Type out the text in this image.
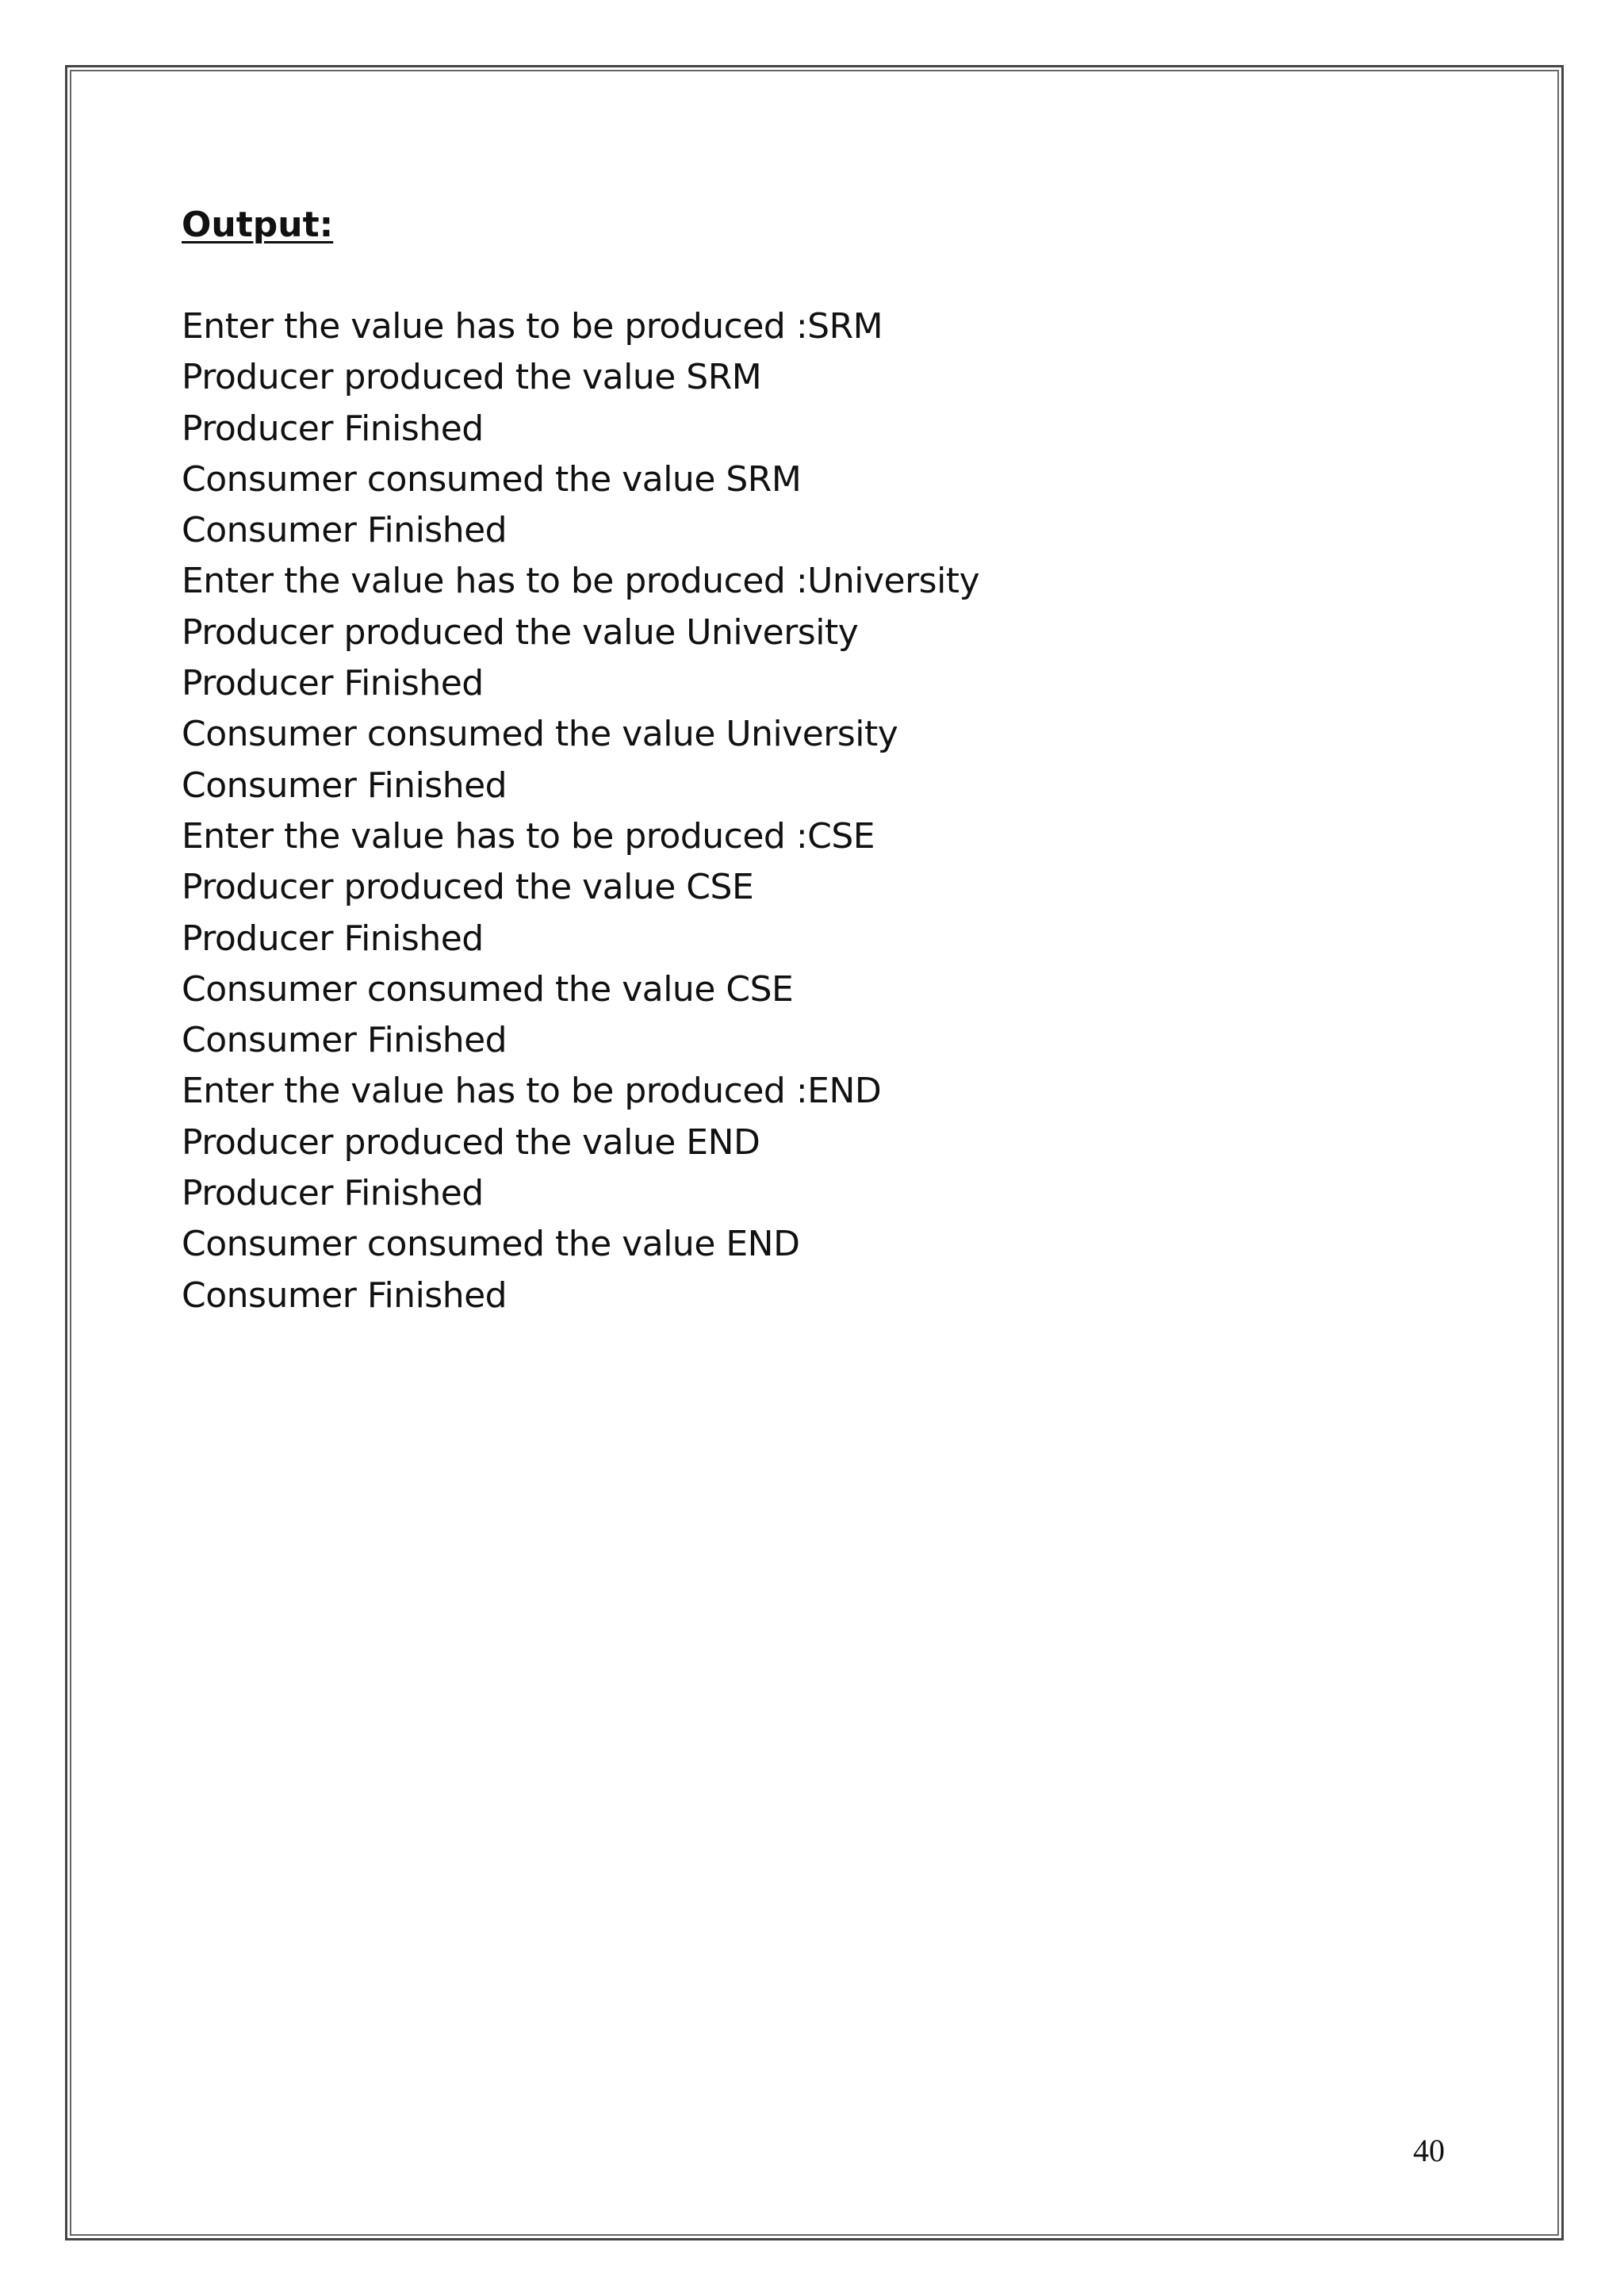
Output:
Enter the value has to be produced :SRM
Producer produced the value SRM
Producer Finished
Consumer consumed the value SRM
Consumer Finished
Enter the value has to be produced :University
Producer produced the value University
Producer Finished
Consumer consumed the value University
Consumer Finished
Enter the value has to be produced :CSE
Producer produced the value CSE
Producer Finished
Consumer consumed the value CSE
Consumer Finished
Enter the value has to be produced :END
Producer produced the value END
Producer Finished
Consumer consumed the value END
Consumer Finished
40
